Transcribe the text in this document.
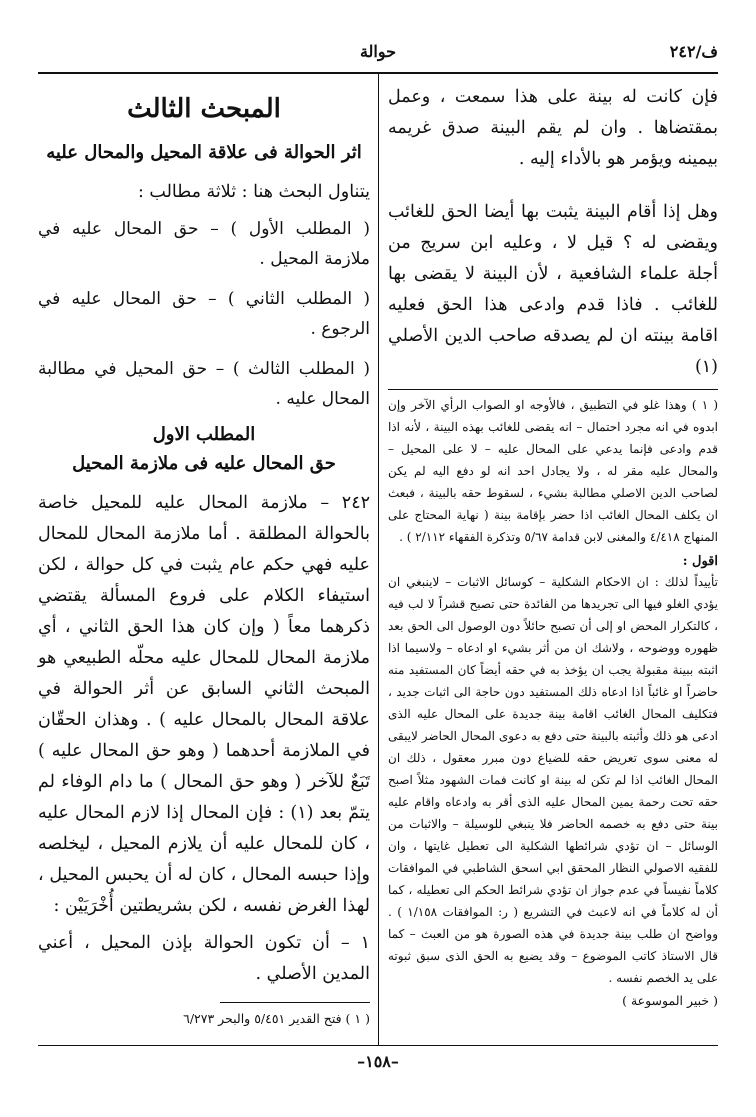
حوالة	ف/٢٤٢

فإن كانت له بينة على هذا سمعت ، وعمل بمقتضاها . وان لم يقم البينة صدق غريمه بيمينه ويؤمر هو بالأداء إليه .

وهل إذا أقام البينة يثبت بها أيضا الحق للغائب ويقضى له ؟ قيل لا ، وعليه ابن سريج من أجلة علماء الشافعية ، لأن البينة لا يقضى بها للغائب . فاذا قدم وادعى هذا الحق فعليه اقامة بينته ان لم يصدقه صاحب الدين الأصلي (١)

( ١ ) وهذا غلو في التطبيق ، فالأوجه او الصواب الرأي الآخر وإن ابدوه في انه مجرد احتمال – انه يقضى للغائب بهذه البينة ، لأنه اذا قدم وادعى فإنما يدعي على المحال عليه – لا على المحيل – والمحال عليه مقر له ، ولا يجادل احد انه لو دفع اليه لم يكن لصاحب الدين الاصلي مطالبة بشيء ، لسقوط حقه بالبينة ، فبعث ان يكلف المحال الغائب اذا حضر بإقامة بينة ( نهاية المحتاج على المنهاج ٤/٤١٨ والمغنى لابن قدامة ٥/٦٧ وتذكرة الفقهاء ٢/١١٢ ) .

اقول :

تأييداً لذلك : ان الاحكام الشكلية – كوسائل الاثبات – لاينبغي ان يؤدي الغلو فيها الى تجريدها من الفائدة حتى تصبح قشراً لا لب فيه ، كالتكرار المحض او إلى أن تصبح حائلاً دون الوصول الى الحق بعد ظهوره ووضوحه ، ولاشك ان من أثر بشيء او ادعاه – ولاسيما اذا اثبته ببينة مقبولة يجب ان يؤخذ به في حقه أيضاً كان المستفيد منه حاضراً او غائباً اذا ادعاه ذلك المستفيد دون حاجة الى اثبات جديد ، فتكليف المحال الغائب اقامة بينة جديدة على المحال عليه الذى ادعى هو ذلك وأثبته بالبينة حتى دفع به دعوى المحال الحاضر لايبقى له معنى سوى تعريض حقه للضياع دون مبرر معقول ، ذلك ان المحال الغائب اذا لم تكن له بينة او كانت فمات الشهود مثلاً اصبح حقه تحت رحمة يمين المحال عليه الذى أقر به وادعاه واقام عليه بينة حتى دفع به خصمه الحاضر فلا ينبغي للوسيلة – والاثبات من الوسائل – ان تؤدي شرائطها الشكلية الى تعطيل غايتها ، وان للفقيه الاصولي النظار المحقق ابي اسحق الشاطبي في الموافقات كلاماً نفيساً في عدم جواز ان تؤدي شرائط الحكم الى تعطيله ، كما أن له كلاماً في انه لاعبث في التشريع ( ر: الموافقات ١/١٥٨ ) . وواضح ان طلب بينة جديدة في هذه الصورة هو من العبث – كما قال الاستاذ كاتب الموضوع – وقد يضيع به الحق الذى سبق ثبوته على يد الخصم نفسه .

( خبير الموسوعة )
المبحث الثالث
اثر الحوالة فى علاقة المحيل والمحال عليه

يتناول البحث هنا : ثلاثة مطالب :

( المطلب الأول ) – حق المحال عليه في ملازمة المحيل .
( المطلب الثاني ) – حق المحال عليه في الرجوع .
( المطلب الثالث ) – حق المحيل في مطالبة المحال عليه .
المطلب الاول
حق المحال عليه فى ملازمة المحيل

٢٤٢ – ملازمة المحال عليه للمحيل خاصة بالحوالة المطلقة . أما ملازمة المحال للمحال عليه فهي حكم عام يثبت في كل حوالة ، لكن استيفاء الكلام على فروع المسألة يقتضي ذكرهما معاً ( وإن كان هذا الحق الثاني ، أي ملازمة المحال للمحال عليه محلّه الطبيعي هو المبحث الثاني السابق عن أثر الحوالة في علاقة المحال بالمحال عليه ) . وهذان الحقّان في الملازمة أحدهما ( وهو حق المحال عليه ) تَبَعٌ للآخر ( وهو حق المحال ) ما دام الوفاء لم يتمّ بعد (١) : فإن المحال إذا لازم المحال عليه ، كان للمحال عليه أن يلازم المحيل ، ليخلصه وإذا حبسه المحال ، كان له أن يحبس المحيل ، لهذا الغرض نفسه ، لكن بشريطتين أُخْرَيَيْن :

١ – أن تكون الحوالة بإذن المحيل ، أعني المدين الأصلي .

( ١ ) فتح القدير ٥/٤٥١ والبحر ٦/٢٧٣
–١٥٨–
